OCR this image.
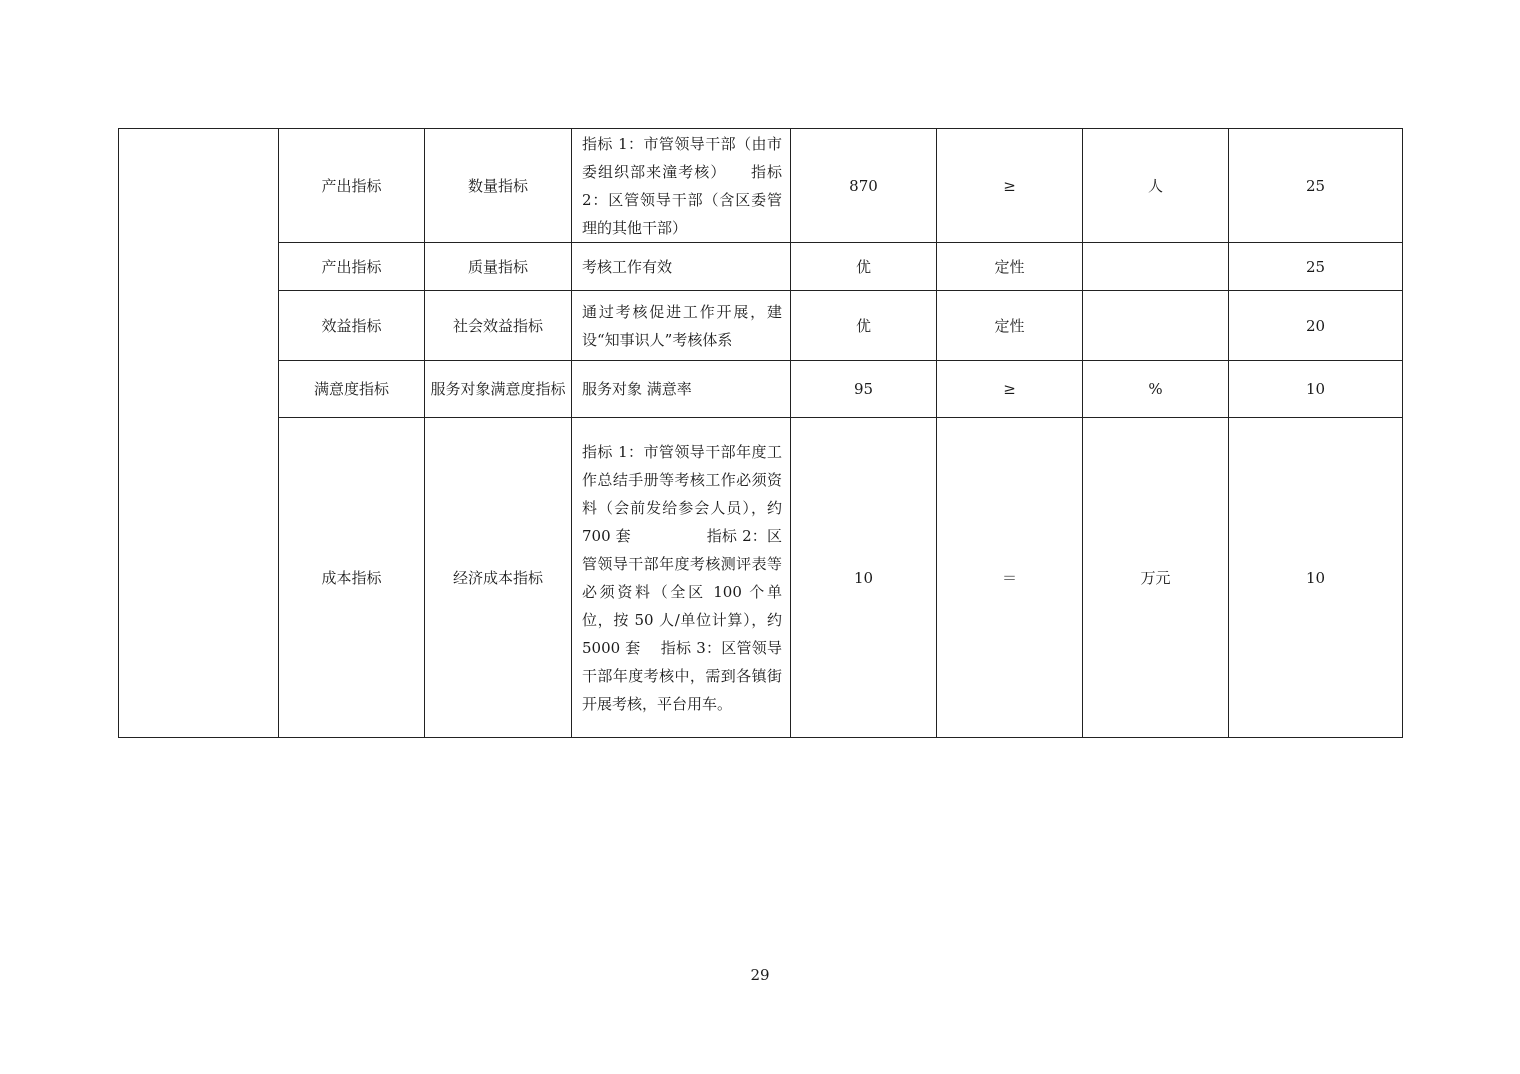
	产出指标	数量指标	指标 1：市管领导干部（由市委组织部来潼考核）　　指标 2：区管领导干部（含区委管理的其他干部）	870	≥	人	25
	产出指标	质量指标	考核工作有效	优	定性		25
	效益指标	社会效益指标	通过考核促进工作开展，建设“知事识人”考核体系	优	定性		20
	满意度指标	服务对象满意度指标	服务对象 满意率	95	≥	%	10
	成本指标	经济成本指标	指标 1：市管领导干部年度工作总结手册等考核工作必须资料（会前发给参会人员），约 700 套　　　　　指标 2：区管领导干部年度考核测评表等必须资料（全区 100 个单位，按 50 人/单位计算），约 5000 套　 指标 3：区管领导干部年度考核中，需到各镇街开展考核，平台用车。	10	＝	万元	10
29
